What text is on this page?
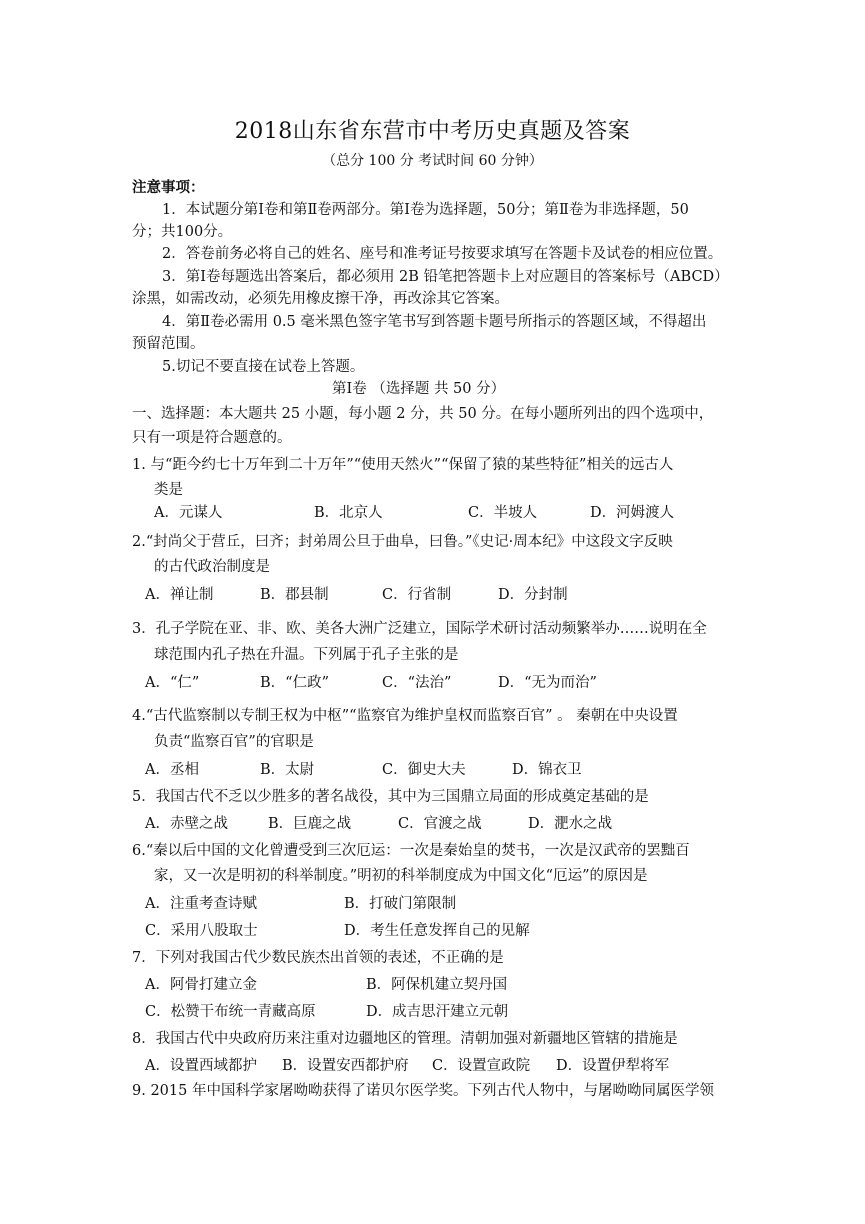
2018山东省东营市中考历史真题及答案
（总分 100 分 考试时间 60 分钟）
注意事项：
1．本试题分第Ⅰ卷和第Ⅱ卷两部分。第Ⅰ卷为选择题，50分；第Ⅱ卷为非选择题，50
分；共100分。
2．答卷前务必将自己的姓名、座号和准考证号按要求填写在答题卡及试卷的相应位置。
3．第Ⅰ卷每题选出答案后，都必须用 2B 铅笔把答题卡上对应题目的答案标号（ABCD）
涂黑，如需改动，必须先用橡皮擦干净，再改涂其它答案。
4．第Ⅱ卷必需用 0.5 毫米黑色签字笔书写到答题卡题号所指示的答题区域，不得超出
预留范围。
5.切记不要直接在试卷上答题。
第Ⅰ卷 （选择题 共 50 分）
一、选择题：本大题共 25 小题，每小题 2 分，共 50 分。在每小题所列出的四个选项中，
只有一项是符合题意的。
1. 与“距今约七十万年到二十万年”“使用天然火”“保留了猿的某些特征”相关的远古人
类是
A．元谋人	B．北京人	C．半坡人	D．河姆渡人
2.“封尚父于营丘，曰齐；封弟周公旦于曲阜，曰鲁。”《史记·周本纪》中这段文字反映
的古代政治制度是
A．禅让制	B．郡县制	C．行省制	D．分封制
3．孔子学院在亚、非、欧、美各大洲广泛建立，国际学术研讨活动频繁举办……说明在全
球范围内孔子热在升温。下列属于孔子主张的是
A．“仁”	B．“仁政”	C．“法治”	D．“无为而治”
4.“古代监察制以专制王权为中枢”“监察官为维护皇权而监察百官” 。 秦朝在中央设置
负责“监察百官”的官职是
A．丞相	B．太尉	C．御史大夫	D．锦衣卫
5．我国古代不乏以少胜多的著名战役，其中为三国鼎立局面的形成奠定基础的是
A．赤壁之战	B．巨鹿之战	C．官渡之战	D．淝水之战
6.“秦以后中国的文化曾遭受到三次厄运：一次是秦始皇的焚书，一次是汉武帝的罢黜百
家，又一次是明初的科举制度。”明初的科举制度成为中国文化“厄运”的原因是
A．注重考查诗赋	B．打破门第限制
C．采用八股取士	D．考生任意发挥自己的见解
7．下列对我国古代少数民族杰出首领的表述，不正确的是
A．阿骨打建立金	B．阿保机建立契丹国
C．松赞干布统一青藏高原	D．成吉思汗建立元朝
8．我国古代中央政府历来注重对边疆地区的管理。清朝加强对新疆地区管辖的措施是
A．设置西域都护 B．设置安西都护府 C．设置宣政院 D．设置伊犁将军
9. 2015 年中国科学家屠呦呦获得了诺贝尔医学奖。下列古代人物中，与屠呦呦同属医学领
